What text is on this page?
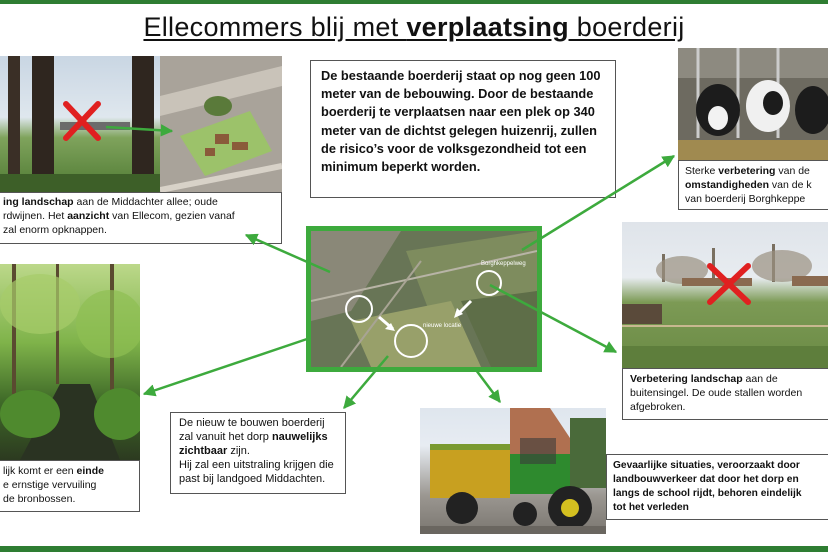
Ellecommers blij met verplaatsing boerderij
ing landschap aan de Middachter allee; oude
rdwijnen. Het aanzicht van Ellecom, gezien vanaf
zal enorm opknappen.
De bestaande boerderij staat op nog geen 100 meter van de bebouwing. Door de bestaande boerderij te verplaatsen naar een plek op 340 meter van de dichtst gelegen huizenrij, zullen de risico’s voor de volksgezondheid tot een minimum beperkt worden.	Sterke verbetering van de
omstandigheden van de k
van boerderij Borghkeppe
Verbetering landschap aan de
buitensingel. De oude stallen worden
afgebroken.
Borghkeppelweg
nieuwe locatie
lijk komt er een einde
e ernstige vervuiling
de bronbossen.
De nieuw te bouwen boerderij
zal vanuit het dorp nauwelijks
zichtbaar zijn.
Hij zal een uitstraling krijgen die
past bij landgoed Middachten.
Gevaarlijke situaties, veroorzaakt door
landbouwverkeer dat door het dorp en
langs de school rijdt, behoren eindelijk
tot het verleden
